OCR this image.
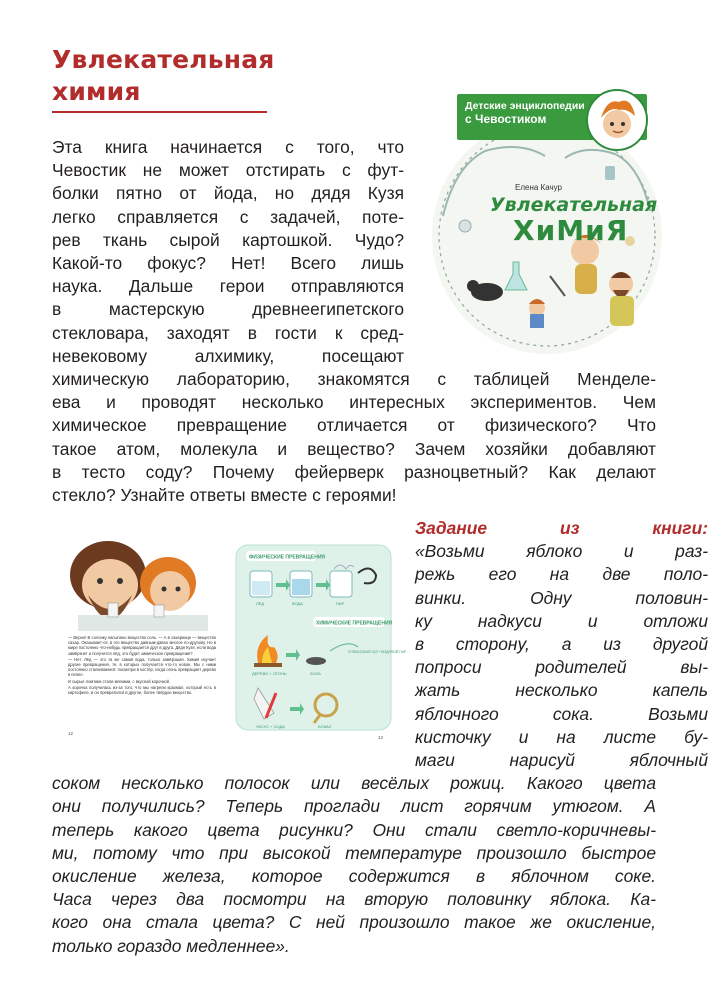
Увлекательная
химия	Детские энциклопедии
с Чевостиком
Елена Качур
Увлекательная
ХиМиЯ
Эта книга начинается с того, что
Чевостик не может отстирать с фут-
болки пятно от йода, но дядя Кузя
легко справляется с задачей, поте-
рев ткань сырой картошкой. Чудо?
Какой-то фокус? Нет! Всего лишь
наука. Дальше герои отправляются
в мастерскую древнеегипетского
стекловара, заходят в гости к сред-
невековому алхимику, посещают
химическую лабораторию, знакомятся с таблицей Менделе-
ева и проводят несколько интересных экспериментов. Чем
химическое превращение отличается от физического? Что
такое атом, молекула и вещество? Зачем хозяйки добавляют
в тесто соду? Почему фейерверк разноцветный? Как делают
стекло? Узнайте ответы вместе с героями!

— Верно! В солонку насыпано вещество соль. — А в сахарнице — вещество сахар. Оказывает-ся, в это вещество давным-давно многое по-другому. Но в мире постоянно что-нибудь превращается друг в друга. Дядя Кузя, если вода замёрзнет и получится лёд, это будет химическое превращение?

— Нет. Лёд — это та же самая вода, только замёрзшая. Химия изучает другие превращения, те, в которых получается что-то новое. Мы с ними постоянно сталкиваемся: посмотри в костёр, когда огонь превращает дерево в пепел.

И сырые ломтики стали мягкими, с вкусной корочкой.

А корочка получилась из-за того, что мы нагрели крахмал, который есть в картофеле, и он превратился в другое, более твёрдое вещество.

12
ФИЗИЧЕСКИЕ ПРЕВРАЩЕНИЯ
ЛЁД	ВОДА	ПАР
ХИМИЧЕСКИЕ ПРЕВРАЩЕНИЯ
ДЕРЕВО + ОГОНЬ	ЗОЛА
УГЛЕКИСЛЫЙ ГАЗ + ВОДЯНОЙ ПАР
УКСУС + СОДА	БОКАЛ
13
Задание из книги:
«Возьми яблоко и раз-
режь его на две поло-
винки. Одну половин-
ку надкуси и отложи
в сторону, а из другой
попроси родителей вы-
жать несколько капель
яблочного сока. Возьми
кисточку и на листе бу-
маги нарисуй яблочный
соком несколько полосок или весёлых рожиц. Какого цвета
они получились? Теперь проглади лист горячим утюгом. А
теперь какого цвета рисунки? Они стали светло-коричневы-
ми, потому что при высокой температуре произошло быстрое
окисление железа, которое содержится в яблочном соке.
Часа через два посмотри на вторую половинку яблока. Ка-
кого она стала цвета? С ней произошло такое же окисление,
только гораздо медленнее».
